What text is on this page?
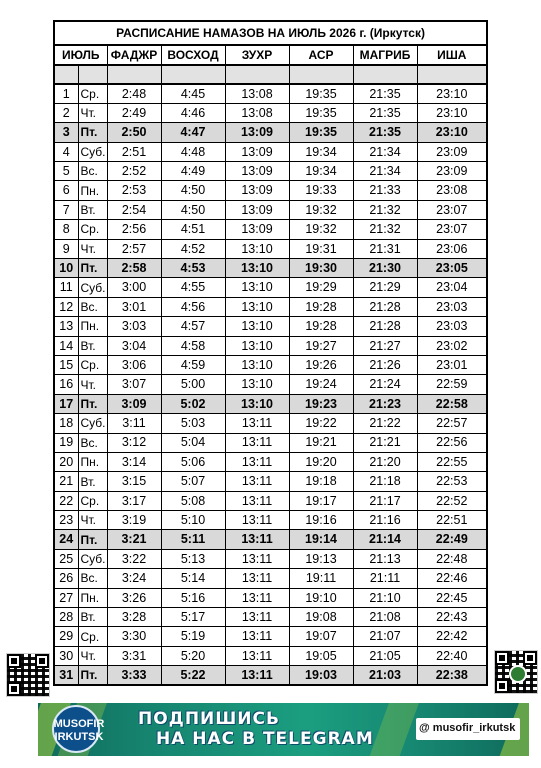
РАСПИСАНИЕ НАМАЗОВ НА ИЮЛЬ 2026 г. (Иркутск)							
ИЮЛЬ		ФАДЖР	ВОСХОД	ЗУХР	АСР	МАГРИБ	ИША

1	Ср.	2:48	4:45	13:08	19:35	21:35	23:10
2	Чт.	2:49	4:46	13:08	19:35	21:35	23:10
3	Пт.	2:50	4:47	13:09	19:35	21:35	23:10
4	Суб.	2:51	4:48	13:09	19:34	21:34	23:09
5	Вс.	2:52	4:49	13:09	19:34	21:34	23:09
6	Пн.	2:53	4:50	13:09	19:33	21:33	23:08
7	Вт.	2:54	4:50	13:09	19:32	21:32	23:07
8	Ср.	2:56	4:51	13:09	19:32	21:32	23:07
9	Чт.	2:57	4:52	13:10	19:31	21:31	23:06
10	Пт.	2:58	4:53	13:10	19:30	21:30	23:05
11	Суб.	3:00	4:55	13:10	19:29	21:29	23:04
12	Вс.	3:01	4:56	13:10	19:28	21:28	23:03
13	Пн.	3:03	4:57	13:10	19:28	21:28	23:03
14	Вт.	3:04	4:58	13:10	19:27	21:27	23:02
15	Ср.	3:06	4:59	13:10	19:26	21:26	23:01
16	Чт.	3:07	5:00	13:10	19:24	21:24	22:59
17	Пт.	3:09	5:02	13:10	19:23	21:23	22:58
18	Суб.	3:11	5:03	13:11	19:22	21:22	22:57
19	Вс.	3:12	5:04	13:11	19:21	21:21	22:56
20	Пн.	3:14	5:06	13:11	19:20	21:20	22:55
21	Вт.	3:15	5:07	13:11	19:18	21:18	22:53
22	Ср.	3:17	5:08	13:11	19:17	21:17	22:52
23	Чт.	3:19	5:10	13:11	19:16	21:16	22:51
24	Пт.	3:21	5:11	13:11	19:14	21:14	22:49
25	Суб.	3:22	5:13	13:11	19:13	21:13	22:48
26	Вс.	3:24	5:14	13:11	19:11	21:11	22:46
27	Пн.	3:26	5:16	13:11	19:10	21:10	22:45
28	Вт.	3:28	5:17	13:11	19:08	21:08	22:43
29	Ср.	3:30	5:19	13:11	19:07	21:07	22:42
30	Чт.	3:31	5:20	13:11	19:05	21:05	22:40
31	Пт.	3:33	5:22	13:11	19:03	21:03	22:38
MUSOFIR
IRKUTSK
ПОДПИШИСЬ
НА НАС В TELEGRAM
@ musofir_irkutsk
